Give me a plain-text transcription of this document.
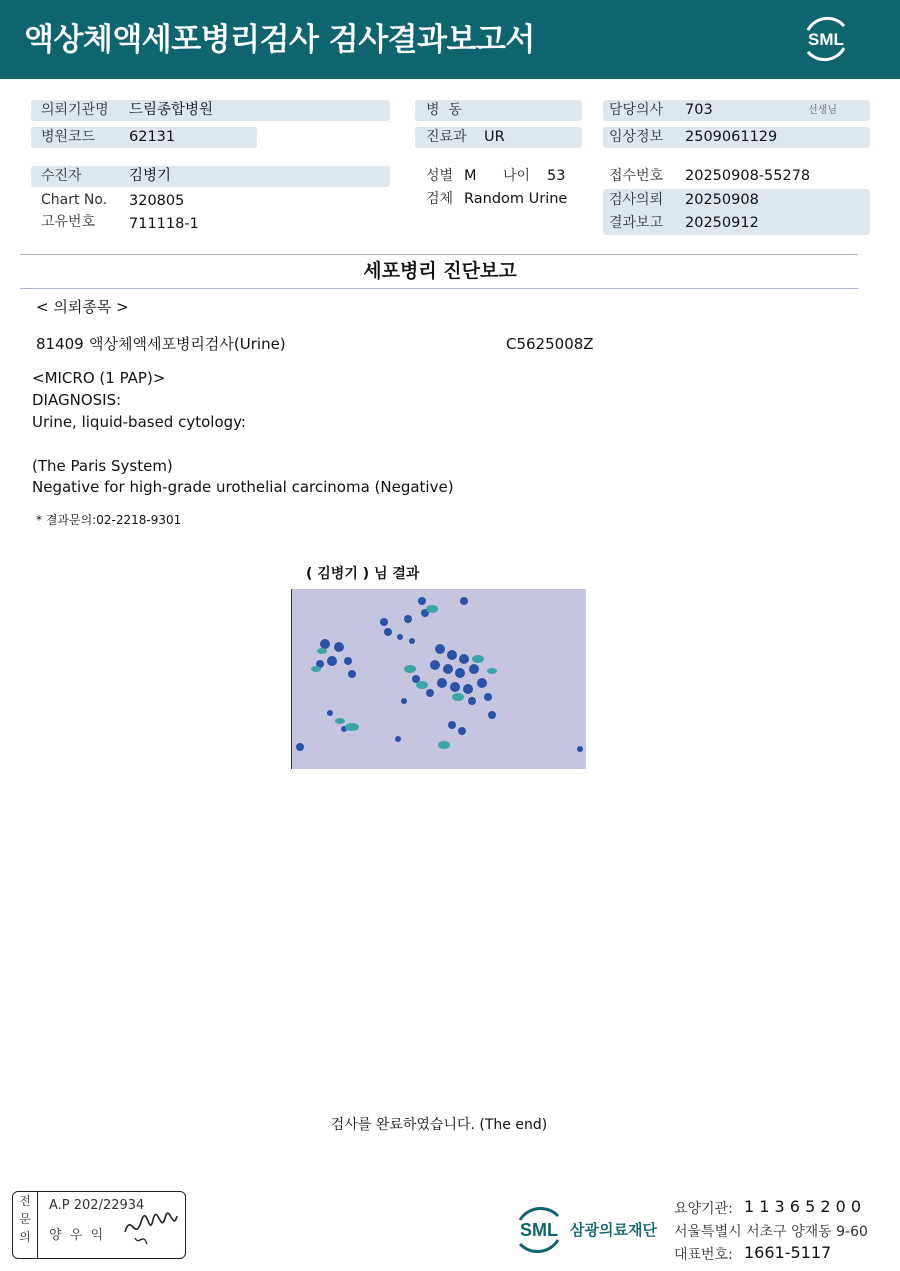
액상체액세포병리검사 검사결과보고서	SML
의뢰기관명 드림종합병원
병원코드 62131
수진자	김병기
Chart No. 320805
고유번호 711118-1
병  동
진료과 UR
성별 M 나이 53
검체 Random Urine
담당의사 703	선생님
임상정보 2509061129
접수번호 20250908-55278
검사의뢰 20250908
결과보고 20250912
세포병리 진단보고
< 의뢰종목 >
81409 액상체액세포병리검사(Urine)	C5625008Z
<MICRO (1 PAP)>
DIAGNOSIS:
Urine, liquid-based cytology:
(The Paris System)
Negative for high-grade urothelial carcinoma (Negative)
* 결과문의:02-2218-9301
( 김병기 ) 님 결과
검사를 완료하였습니다. (The end)
전
문
의
A.P 202/22934
양  우  익	SML 삼광의료재단
요양기관: 1 1 3 6 5 2 0 0
서울특별시 서초구 양재동 9-60
대표번호: 1661-5117
